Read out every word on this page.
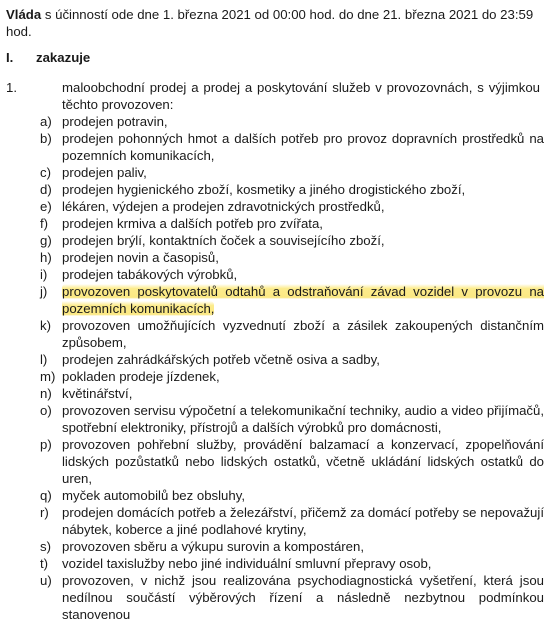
Vláda s účinností ode dne 1. března 2021 od 00:00 hod. do dne 21. března 2021 do 23:59 hod.
I. zakazuje
1.	maloobchodní prodej a prodej a poskytování služeb v provozovnách, s výjimkou těchto provozoven:
a) prodejen potravin,
b) prodejen pohonných hmot a dalších potřeb pro provoz dopravních prostředků na pozemních komunikacích,
c) prodejen paliv,
d) prodejen hygienického zboží, kosmetiky a jiného drogistického zboží,
e) lékáren, výdejen a prodejen zdravotnických prostředků,
f) prodejen krmiva a dalších potřeb pro zvířata,
g) prodejen brýlí, kontaktních čoček a souvisejícího zboží,
h) prodejen novin a časopisů,
i) prodejen tabákových výrobků,
j) provozoven poskytovatelů odtahů a odstraňování závad vozidel v provozu na pozemních komunikacích,
k) provozoven umožňujících vyzvednutí zboží a zásilek zakoupených distančním způsobem,
l) prodejen zahrádkářských potřeb včetně osiva a sadby,
m) pokladen prodeje jízdenek,
n) květinářství,
o) provozoven servisu výpočetní a telekomunikační techniky, audio a video přijímačů, spotřební elektroniky, přístrojů a dalších výrobků pro domácnosti,
p) provozoven pohřební služby, provádění balzamací a konzervací, zpopelňování lidských pozůstatků nebo lidských ostatků, včetně ukládání lidských ostatků do uren,
q) myček automobilů bez obsluhy,
r) prodejen domácích potřeb a železářství, přičemž za domácí potřeby se nepovažují nábytek, koberce a jiné podlahové krytiny,
s) provozoven sběru a výkupu surovin a kompostáren,
t) vozidel taxislužby nebo jiné individuální smluvní přepravy osob,
u) provozoven, v nichž jsou realizována psychodiagnostická vyšetření, která jsou nedílnou součástí výběrových řízení a následně nezbytnou podmínkou stanovenou
